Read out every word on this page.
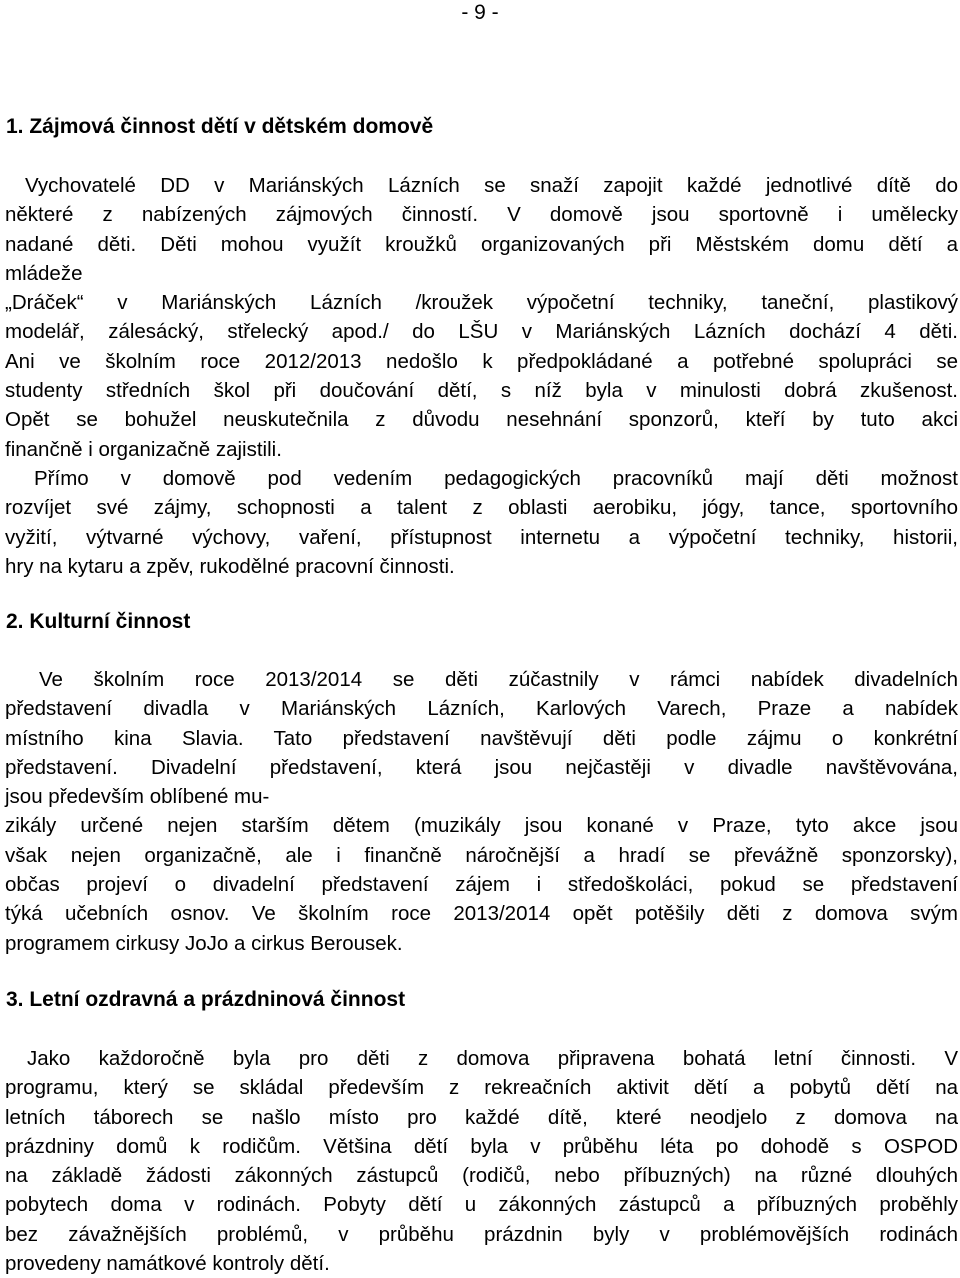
- 9 -
1. Zájmová činnost dětí v dětském domově
Vychovatelé DD v Mariánských Lázních se snaží zapojit každé jednotlivé dítě do
některé z nabízených zájmových činností. V domově jsou sportovně i umělecky
nadané děti. Děti mohou využít kroužků organizovaných při Městském domu dětí a
mládeže
„Dráček“ v Mariánských Lázních /kroužek výpočetní techniky, taneční, plastikový
modelář, zálesácký, střelecký apod./ do LŠU v Mariánských Lázních dochází 4 děti.
Ani ve školním roce 2012/2013 nedošlo k předpokládané a potřebné spolupráci se
studenty středních škol při doučování dětí, s níž byla v minulosti dobrá zkušenost.
Opět se bohužel neuskutečnila z důvodu nesehnání sponzorů, kteří by tuto akci
finančně i organizačně zajistili.
Přímo v domově pod vedením pedagogických pracovníků mají děti možnost
rozvíjet své zájmy, schopnosti a talent z oblasti aerobiku, jógy, tance, sportovního
vyžití, výtvarné výchovy, vaření, přístupnost internetu a výpočetní techniky, historii,
hry na kytaru a zpěv, rukodělné pracovní činnosti.
2. Kulturní činnost
Ve školním roce 2013/2014 se děti zúčastnily v rámci nabídek divadelních
představení divadla v Mariánských Lázních, Karlových Varech, Praze a nabídek
místního kina Slavia. Tato představení navštěvují děti podle zájmu o konkrétní
představení. Divadelní představení, která jsou nejčastěji v divadle navštěvována,
jsou především oblíbené mu-
zikály určené nejen starším dětem (muzikály jsou konané v Praze, tyto akce jsou
však nejen organizačně, ale i finančně náročnější a hradí se převážně sponzorsky),
občas projeví o divadelní představení zájem i středoškoláci, pokud se představení
týká učebních osnov. Ve školním roce 2013/2014 opět potěšily děti z domova svým
programem cirkusy JoJo a cirkus Berousek.
3. Letní ozdravná a prázdninová činnost
Jako každoročně byla pro děti z domova připravena bohatá letní činnosti. V
programu, který se skládal především z rekreačních aktivit dětí a pobytů dětí na
letních táborech se našlo místo pro každé dítě, které neodjelo z domova na
prázdniny domů k rodičům. Většina dětí byla v průběhu léta po dohodě s OSPOD
na základě žádosti zákonných zástupců (rodičů, nebo příbuzných) na různé dlouhých
pobytech doma v rodinách. Pobyty dětí u zákonných zástupců a příbuzných proběhly
bez závažnějších problémů, v průběhu prázdnin byly v problémovějších rodinách
provedeny namátkové kontroly dětí.
